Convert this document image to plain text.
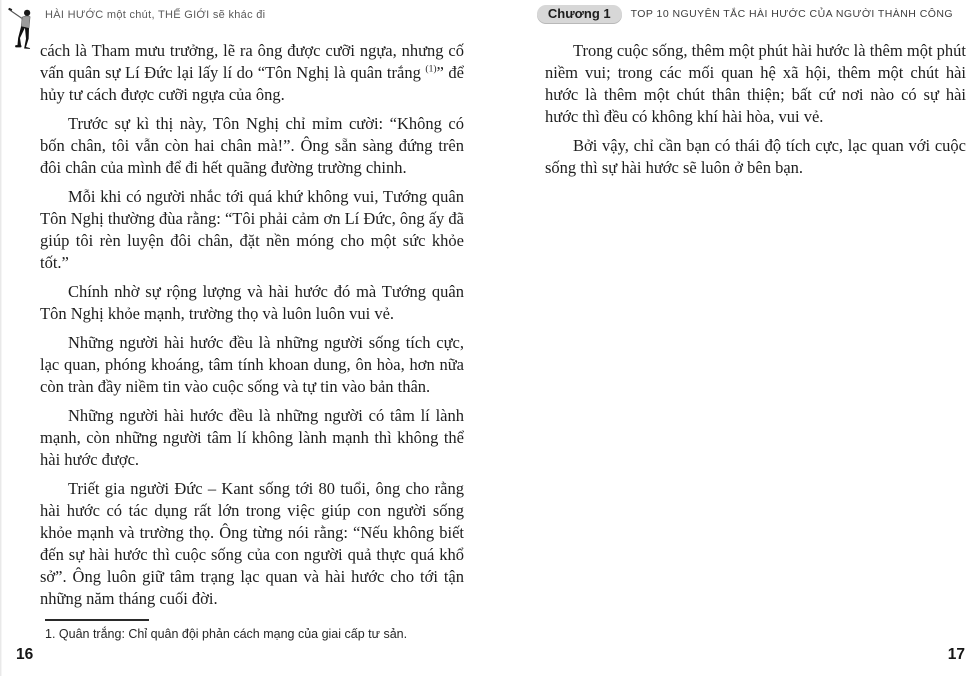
HÀI HƯỚC một chút, THẾ GIỚI sẽ khác đi	Chương 1	TOP 10 NGUYÊN TẮC HÀI HƯỚC CỦA NGƯỜI THÀNH CÔNG

cách là Tham mưu trưởng, lẽ ra ông được cưỡi ngựa, nhưng cố vấn quân sự Lí Đức lại lấy lí do “Tôn Nghị là quân trắng $^{(1)}$” để hủy tư cách được cưỡi ngựa của ông.

Trước sự kì thị này, Tôn Nghị chỉ mỉm cười: “Không có bốn chân, tôi vẫn còn hai chân mà!”. Ông sẵn sàng đứng trên đôi chân của mình để đi hết quãng đường trường chinh.

Mỗi khi có người nhắc tới quá khứ không vui, Tướng quân Tôn Nghị thường đùa rằng: “Tôi phải cảm ơn Lí Đức, ông ấy đã giúp tôi rèn luyện đôi chân, đặt nền móng cho một sức khỏe tốt.”

Chính nhờ sự rộng lượng và hài hước đó mà Tướng quân Tôn Nghị khỏe mạnh, trường thọ và luôn luôn vui vẻ.

Những người hài hước đều là những người sống tích cực, lạc quan, phóng khoáng, tâm tính khoan dung, ôn hòa, hơn nữa còn tràn đầy niềm tin vào cuộc sống và tự tin vào bản thân.

Những người hài hước đều là những người có tâm lí lành mạnh, còn những người tâm lí không lành mạnh thì không thể hài hước được.

Triết gia người Đức – Kant sống tới 80 tuổi, ông cho rằng hài hước có tác dụng rất lớn trong việc giúp con người sống khỏe mạnh và trường thọ. Ông từng nói rằng: “Nếu không biết đến sự hài hước thì cuộc sống của con người quả thực quá khổ sở”. Ông luôn giữ tâm trạng lạc quan và hài hước cho tới tận những năm tháng cuối đời.

Trong cuộc sống, thêm một phút hài hước là thêm một phút niềm vui; trong các mối quan hệ xã hội, thêm một chút hài hước là thêm một chút thân thiện; bất cứ nơi nào có sự hài hước thì đều có không khí hài hòa, vui vẻ.

Bởi vậy, chỉ cần bạn có thái độ tích cực, lạc quan với cuộc sống thì sự hài hước sẽ luôn ở bên bạn.

1. Quân trắng: Chỉ quân đội phản cách mạng của giai cấp tư sản.
16	17
